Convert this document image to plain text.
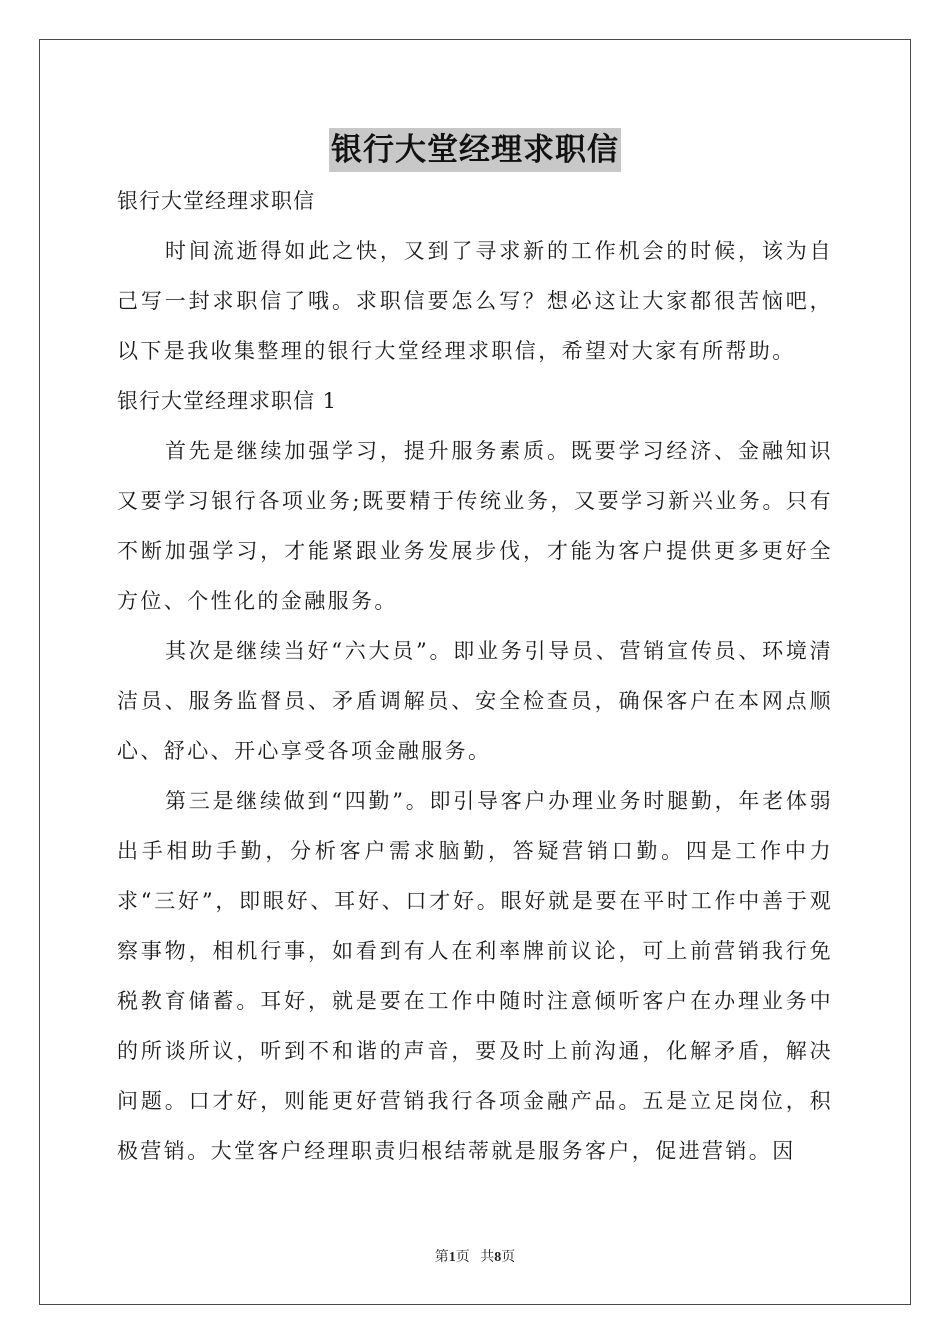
银行大堂经理求职信

银行大堂经理求职信

时间流逝得如此之快，又到了寻求新的工作机会的时候，该为自己写一封求职信了哦。求职信要怎么写？想必这让大家都很苦恼吧，以下是我收集整理的银行大堂经理求职信，希望对大家有所帮助。

银行大堂经理求职信 1

首先是继续加强学习，提升服务素质。既要学习经济、金融知识又要学习银行各项业务;既要精于传统业务，又要学习新兴业务。只有不断加强学习，才能紧跟业务发展步伐，才能为客户提供更多更好全方位、个性化的金融服务。

其次是继续当好“六大员”。即业务引导员、营销宣传员、环境清洁员、服务监督员、矛盾调解员、安全检查员，确保客户在本网点顺心、舒心、开心享受各项金融服务。

第三是继续做到“四勤”。即引导客户办理业务时腿勤，年老体弱出手相助手勤，分析客户需求脑勤，答疑营销口勤。四是工作中力求“三好”，即眼好、耳好、口才好。眼好就是要在平时工作中善于观察事物，相机行事，如看到有人在利率牌前议论，可上前营销我行免税教育储蓄。耳好，就是要在工作中随时注意倾听客户在办理业务中的所谈所议，听到不和谐的声音，要及时上前沟通，化解矛盾，解决问题。口才好，则能更好营销我行各项金融产品。五是立足岗位，积极营销。大堂客户经理职责归根结蒂就是服务客户，促进营销。因

第1页 共8页
